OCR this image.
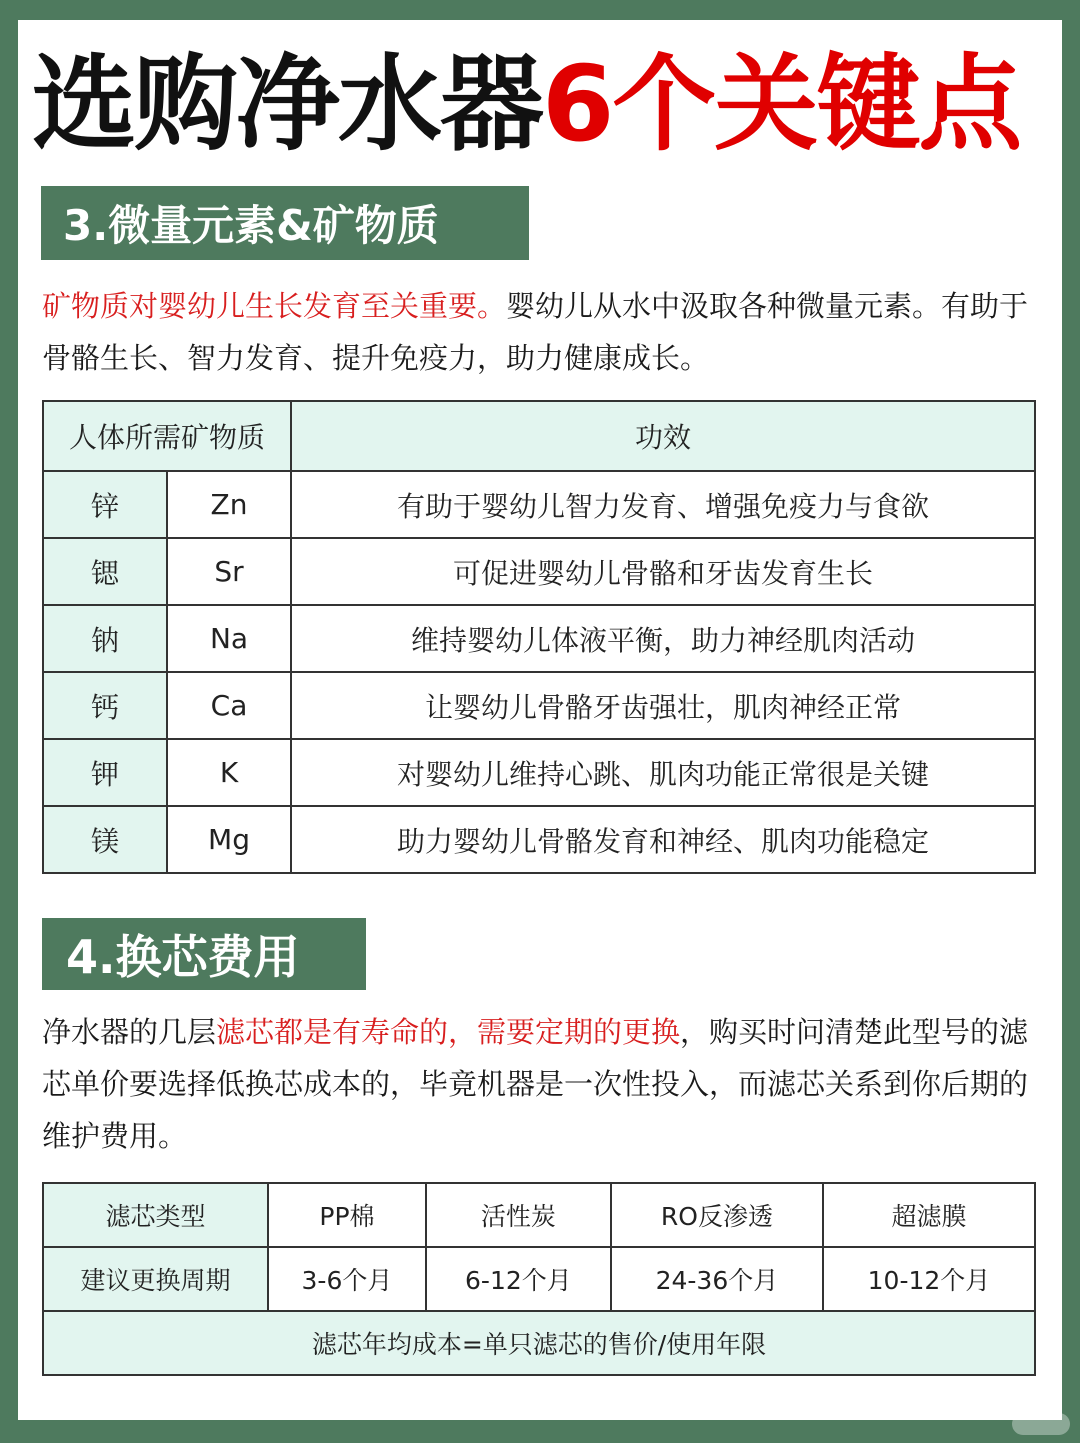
选购净水器6个关键点
3.微量元素&矿物质
矿物质对婴幼儿生长发育至关重要。婴幼儿从水中汲取各种微量元素。有助于骨骼生长、智力发育、提升免疫力，助力健康成长。
人体所需矿物质		功效
锌	Zn	有助于婴幼儿智力发育、增强免疫力与食欲
锶	Sr	可促进婴幼儿骨骼和牙齿发育生长
钠	Na	维持婴幼儿体液平衡，助力神经肌肉活动
钙	Ca	让婴幼儿骨骼牙齿强壮，肌肉神经正常
钾	K	对婴幼儿维持心跳、肌肉功能正常很是关键
镁	Mg	助力婴幼儿骨骼发育和神经、肌肉功能稳定
4.换芯费用
净水器的几层滤芯都是有寿命的，需要定期的更换，购买时问清楚此型号的滤芯单价要选择低换芯成本的，毕竟机器是一次性投入，而滤芯关系到你后期的维护费用。
滤芯类型	PP棉	活性炭	RO反渗透	超滤膜
建议更换周期	3-6个月	6-12个月	24-36个月	10-12个月
滤芯年均成本=单只滤芯的售价/使用年限				
